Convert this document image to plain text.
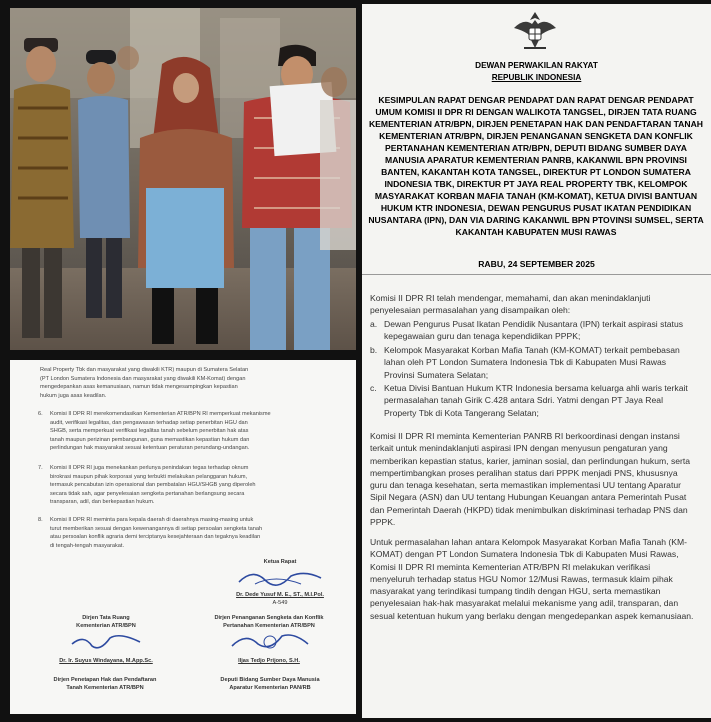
Real Property Tbk dan masyarakat yang diwakili KTR) maupun di Sumatera Selatan
(PT London Sumatera Indonesia dan masyarakat yang diwakili KM-Komat) dengan
mengedepankan asas kemanusiaan, namun tidak mengesampingkan kepastian
hukum juga asas keadilan.
6. Komisi II DPR RI merekomendasikan Kementerian ATR/BPN RI memperkuat mekanisme
audit, verifikasi legalitas, dan pengawasan terhadap setiap penerbitan HGU dan
SHGB, serta memperkuat verifikasi legalitas tanah sebelum penerbitan hak atas
tanah maupun perizinan pembangunan, guna memastikan kepastian hukum dan
perlindungan hak masyarakat sesuai ketentuan peraturan perundang-undangan.
7. Komisi II DPR RI juga menekankan perlunya penindakan tegas terhadap oknum
birokrasi maupun pihak korporasi yang terbukti melakukan pelanggaran hukum,
termasuk pencabutan izin operasional dan pembatalan HGU/SHGB yang diperoleh
secara tidak sah, agar penyelesaian sengketa pertanahan berlangsung secara
transparan, adil, dan berkepastian hukum.
8. Komisi II DPR RI meminta para kepala daerah di daerahnya masing-masing untuk
turut memberikan sesuai dengan kewenangannya di setiap persoalan sengketa tanah
atau persoalan konflik agraria demi terciptanya kesejahteraan dan tegaknya keadilan
di tengah-tengah masyarakat.
Ketua Rapat
Dr. Dede Yusuf M. E., ST., M.I.Pol.
A-549
Dirjen Tata Ruang
Kementerian ATR/BPN
Dr. Ir. Suyus Windayana, M.App.Sc.
Dirjen Penanganan Sengketa dan Konflik
Pertanahan Kementerian ATR/BPN
Iljas Tedjo Prijono, S.H.
Dirjen Penetapan Hak dan Pendaftaran
Tanah Kementerian ATR/BPN
Deputi Bidang Sumber Daya Manusia
Aparatur Kementerian PAN/RB

DEWAN PERWAKILAN RAKYAT

REPUBLIK INDONESIA

KESIMPULAN RAPAT DENGAR PENDAPAT DAN RAPAT DENGAR PENDAPAT

UMUM KOMISI II DPR RI DENGAN WALIKOTA TANGSEL, DIRJEN TATA RUANG

KEMENTERIAN ATR/BPN, DIRJEN PENETAPAN HAK DAN PENDAFTARAN TANAH

KEMENTERIAN ATR/BPN, DIRJEN PENANGANAN SENGKETA DAN KONFLIK

PERTANAHAN KEMENTERIAN ATR/BPN, DEPUTI BIDANG SUMBER DAYA

MANUSIA APARATUR KEMENTERIAN PANRB, KAKANWIL BPN PROVINSI

BANTEN, KAKANTAH KOTA TANGSEL, DIREKTUR PT LONDON SUMATERA

INDONESIA TBK, DIREKTUR PT JAYA REAL PROPERTY TBK, KELOMPOK

MASYARAKAT KORBAN MAFIA TANAH (KM-KOMAT), KETUA DIVISI BANTUAN

HUKUM KTR INDONESIA, DEWAN PENGURUS PUSAT IKATAN PENDIDIKAN

NUSANTARA (IPN), DAN VIA DARING KAKANWIL BPN PTOVINSI SUMSEL, SERTA

KAKANTAH KABUPATEN MUSI RAWAS

RABU, 24 SEPTEMBER 2025

Komisi II DPR RI telah mendengar, memahami, dan akan menindaklanjuti
penyelesaian permasalahan yang disampaikan oleh:
a. Dewan Pengurus Pusat Ikatan Pendidik Nusantara (IPN) terkait aspirasi status
kepegawaian guru dan tenaga kependidikan PPPK;
b. Kelompok Masyarakat Korban Mafia Tanah (KM-KOMAT) terkait pembebasan
lahan oleh PT London Sumatera Indonesia Tbk di Kabupaten Musi Rawas
Provinsi Sumatera Selatan;
c. Ketua Divisi Bantuan Hukum KTR Indonesia bersama keluarga ahli waris terkait
permasalahan tanah Girik C.428 antara Sdri. Yatmi dengan PT Jaya Real
Property Tbk di Kota Tangerang Selatan;
Komisi II DPR RI meminta Kementerian PANRB RI berkoordinasi dengan instansi
terkait untuk menindaklanjuti aspirasi IPN dengan menyusun pengaturan yang
memberikan kepastian status, karier, jaminan sosial, dan perlindungan hukum, serta
mempertimbangkan proses peralihan status dari PPPK menjadi PNS, khususnya
guru dan tenaga kesehatan, serta memastikan implementasi UU tentang Aparatur
Sipil Negara (ASN) dan UU tentang Hubungan Keuangan antara Pemerintah Pusat
dan Pemerintah Daerah (HKPD) tidak menimbulkan diskriminasi terhadap PNS dan
PPPK.
Untuk permasalahan lahan antara Kelompok Masyarakat Korban Mafia Tanah (KM-
KOMAT) dengan PT London Sumatera Indonesia Tbk di Kabupaten Musi Rawas,
Komisi II DPR RI meminta Kementerian ATR/BPN RI melakukan verifikasi
menyeluruh terhadap status HGU Nomor 12/Musi Rawas, termasuk klaim pihak
masyarakat yang terindikasi tumpang tindih dengan HGU, serta memastikan
penyelesaian hak-hak masyarakat melalui mekanisme yang adil, transparan, dan
sesual ketentuan hukum yang berlaku dengan mengedepankan aspek kemanusiaan.
